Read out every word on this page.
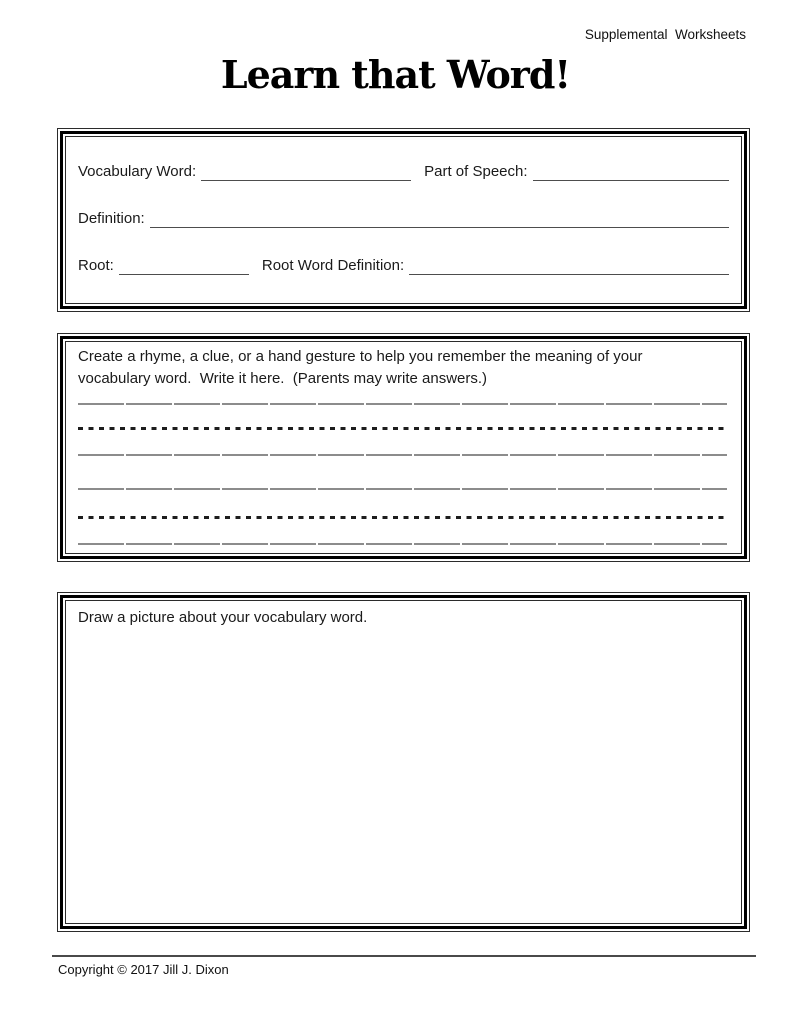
Supplemental  Worksheets
Learn that Word!
Vocabulary Word:	Part of Speech:
Definition:
Root:	Root Word Definition:
Create a rhyme, a clue, or a hand gesture to help you remember the meaning of your
vocabulary word.  Write it here.  (Parents may write answers.)
Draw a picture about your vocabulary word.
Copyright © 2017 Jill J. Dixon
